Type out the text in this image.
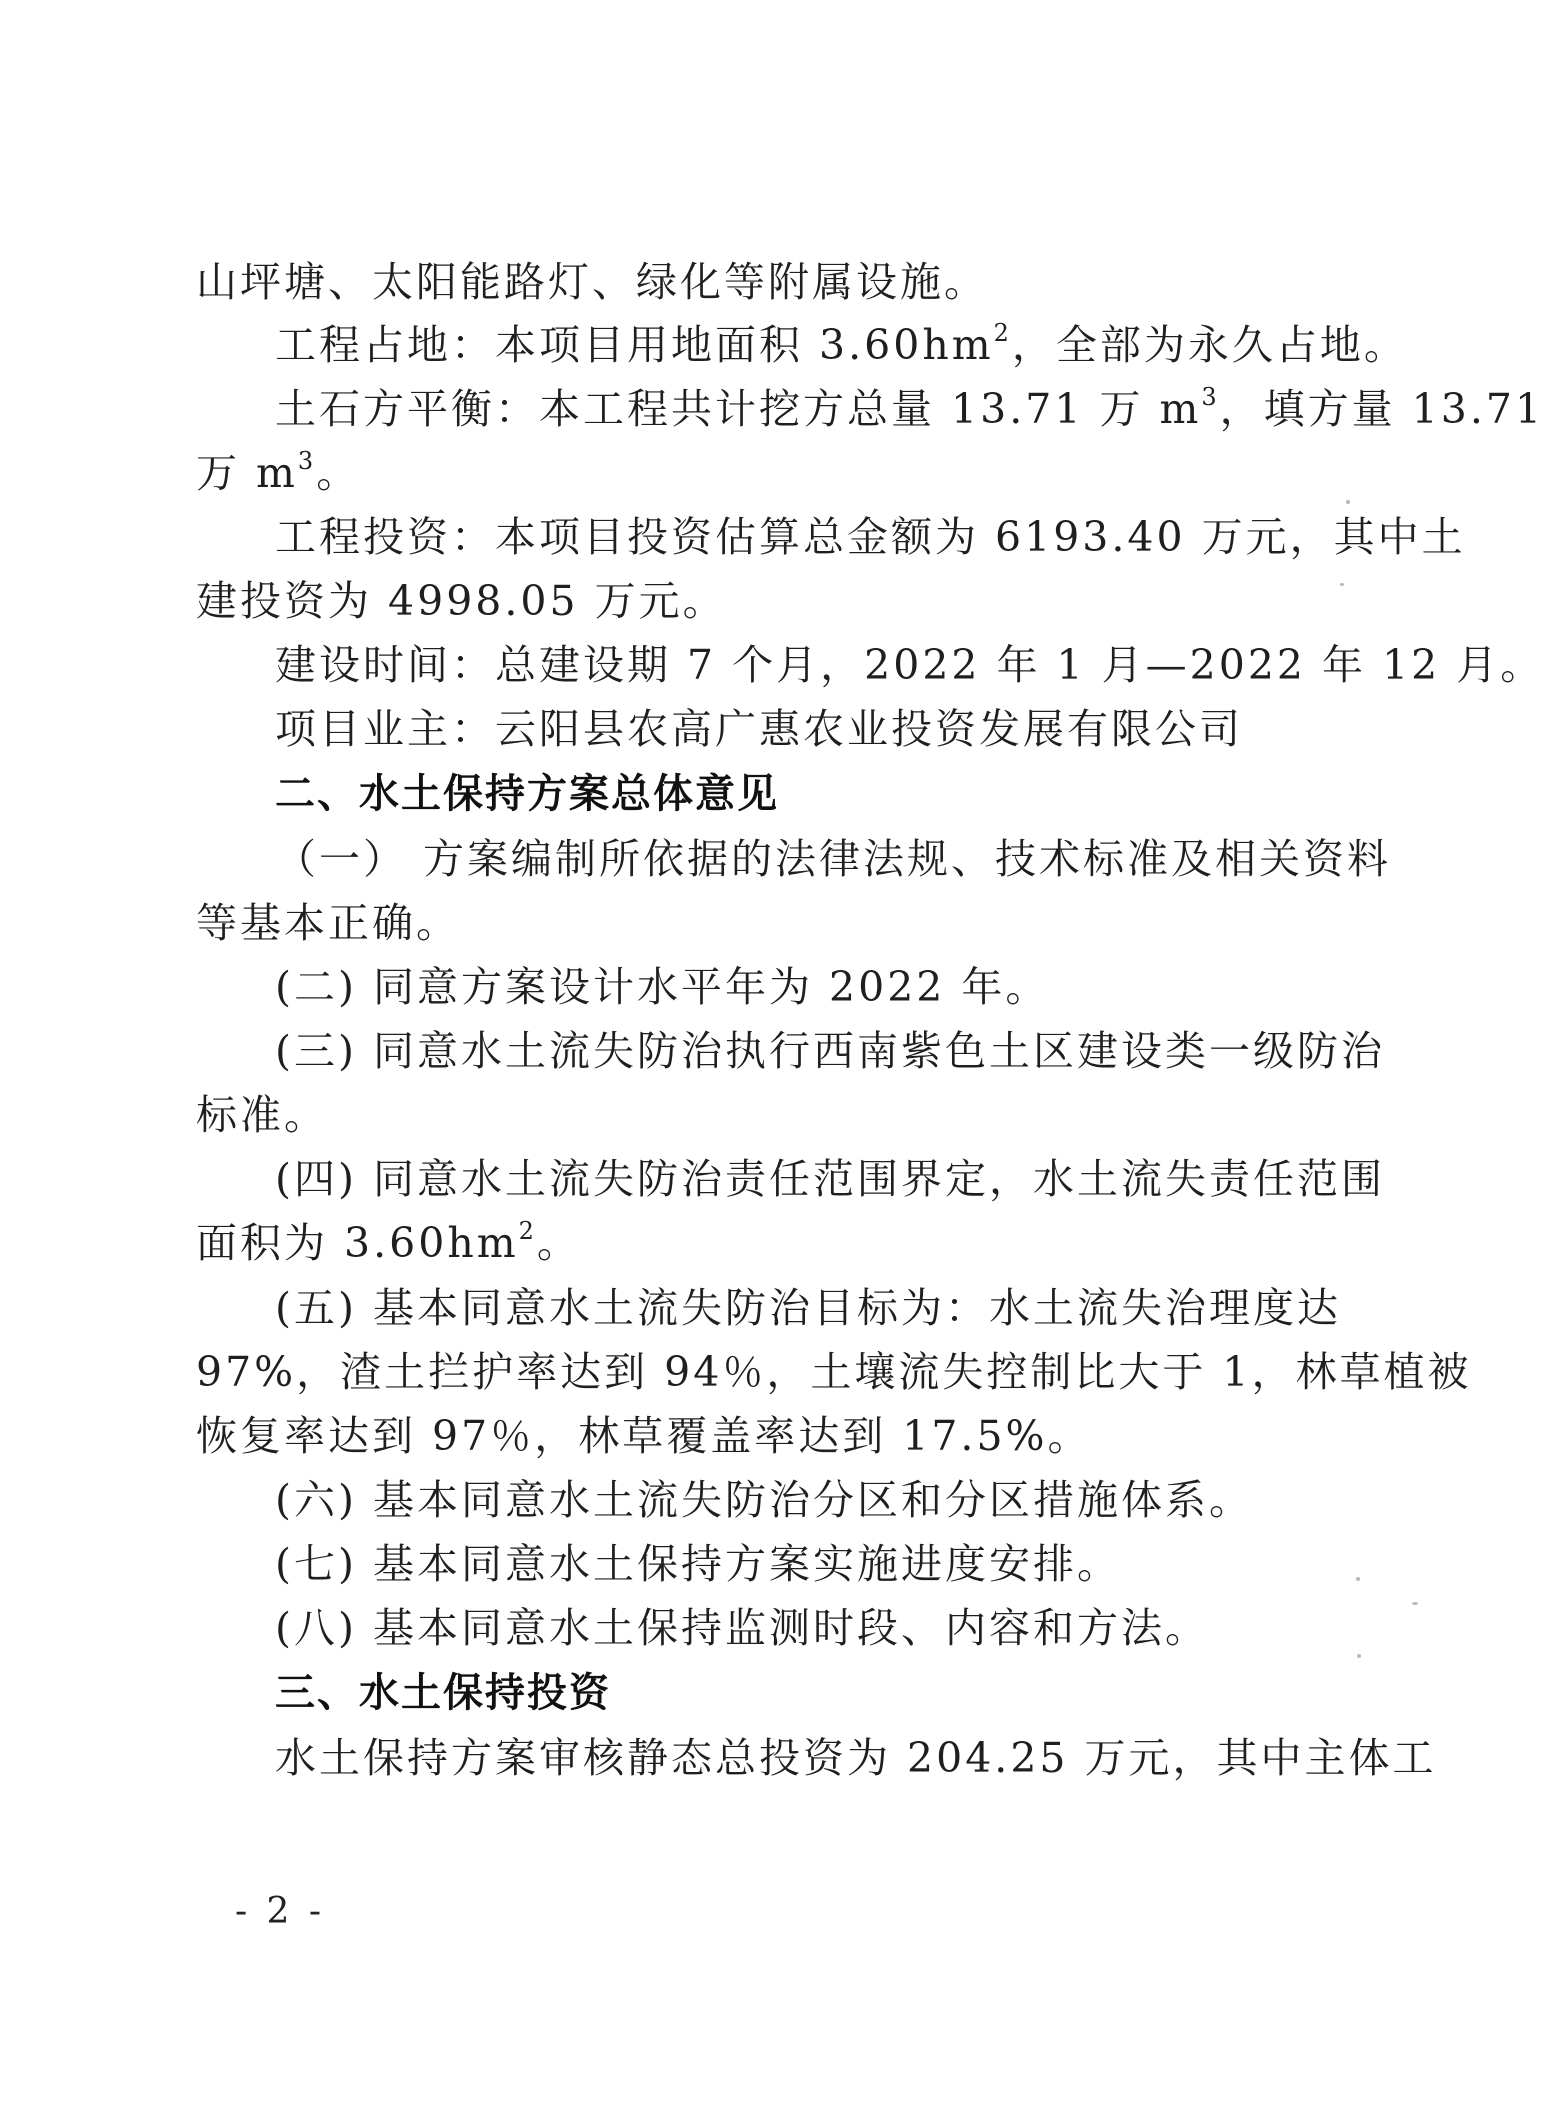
山坪塘、太阳能路灯、绿化等附属设施。
工程占地：本项目用地面积 $3.60hm^2$，全部为永久占地。
土石方平衡：本工程共计挖方总量 13.71 万 $m^3$，填方量 13.71
万 $m^3$。
工程投资：本项目投资估算总金额为 6193.40 万元，其中土
建投资为 4998.05 万元。
建设时间：总建设期 7 个月，2022 年 1 月—2022 年 12 月。
项目业主：云阳县农高广惠农业投资发展有限公司
二、水土保持方案总体意见
（一） 方案编制所依据的法律法规、技术标准及相关资料
等基本正确。
(二) 同意方案设计水平年为 2022 年。
(三) 同意水土流失防治执行西南紫色土区建设类一级防治
标准。
(四) 同意水土流失防治责任范围界定，水土流失责任范围
面积为 $3.60hm^2$。
(五) 基本同意水土流失防治目标为：水土流失治理度达
97%，渣土拦护率达到 94％，土壤流失控制比大于 1，林草植被
恢复率达到 97％，林草覆盖率达到 17.5%。
(六) 基本同意水土流失防治分区和分区措施体系。
(七) 基本同意水土保持方案实施进度安排。
(八) 基本同意水土保持监测时段、内容和方法。
三、水土保持投资
水土保持方案审核静态总投资为 204.25 万元，其中主体工
- 2 -
